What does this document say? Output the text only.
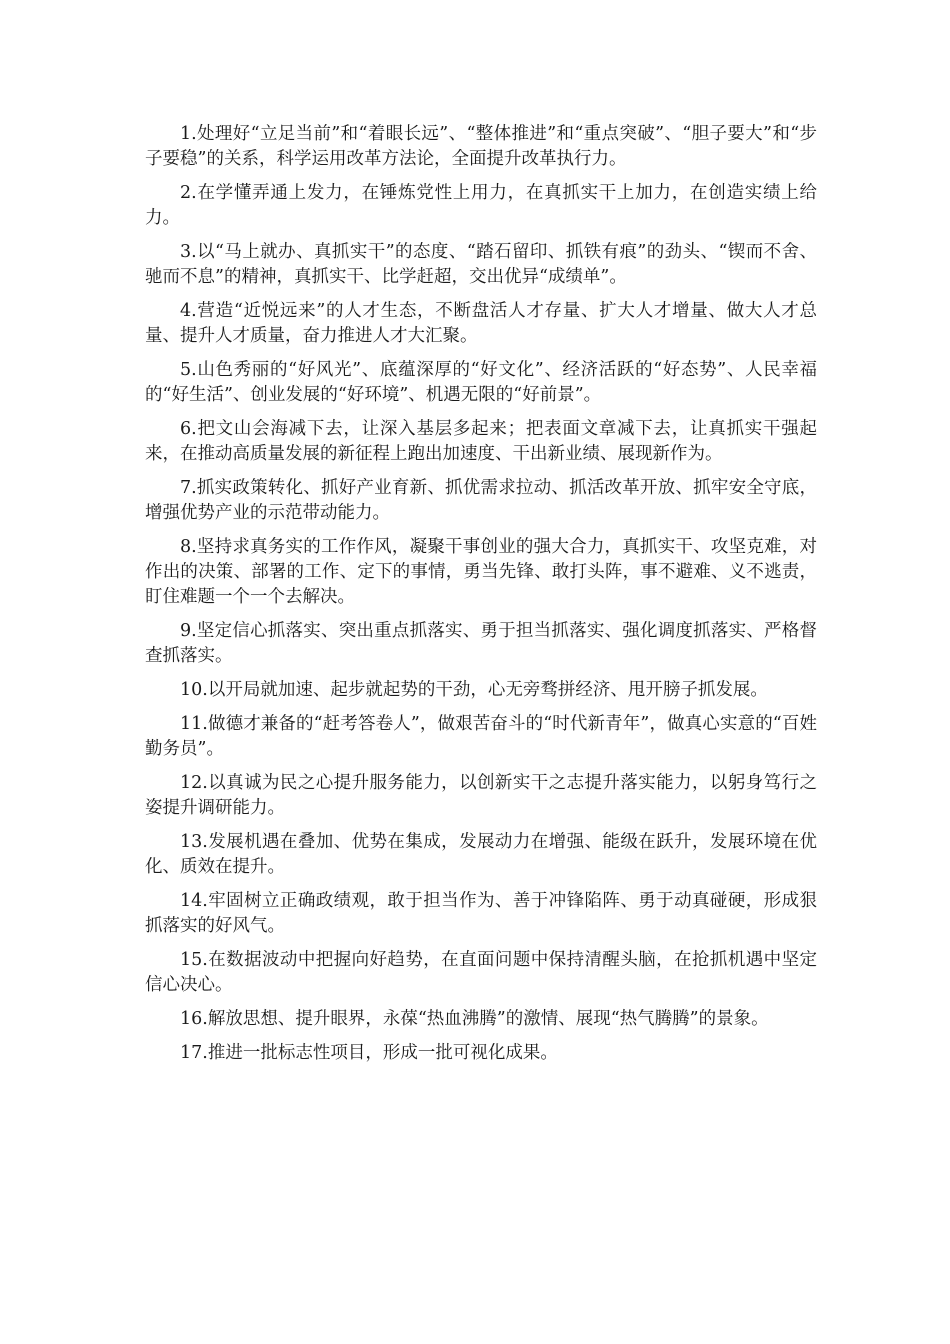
1.处理好“立足当前”和“着眼长远”、“整体推进”和“重点突破”、“胆子要大”和“步子要稳”的关系，科学运用改革方法论，全面提升改革执行力。

2.在学懂弄通上发力，在锤炼党性上用力，在真抓实干上加力，在创造实绩上给力。

3.以“马上就办、真抓实干”的态度、“踏石留印、抓铁有痕”的劲头、“锲而不舍、驰而不息”的精神，真抓实干、比学赶超，交出优异“成绩单”。

4.营造“近悦远来”的人才生态，不断盘活人才存量、扩大人才增量、做大人才总量、提升人才质量，奋力推进人才大汇聚。

5.山色秀丽的“好风光”、底蕴深厚的“好文化”、经济活跃的“好态势”、人民幸福的“好生活”、创业发展的“好环境”、机遇无限的“好前景”。

6.把文山会海减下去，让深入基层多起来；把表面文章减下去，让真抓实干强起来，在推动高质量发展的新征程上跑出加速度、干出新业绩、展现新作为。

7.抓实政策转化、抓好产业育新、抓优需求拉动、抓活改革开放、抓牢安全守底，增强优势产业的示范带动能力。

8.坚持求真务实的工作作风，凝聚干事创业的强大合力，真抓实干、攻坚克难，对作出的决策、部署的工作、定下的事情，勇当先锋、敢打头阵，事不避难、义不逃责，盯住难题一个一个去解决。

9.坚定信心抓落实、突出重点抓落实、勇于担当抓落实、强化调度抓落实、严格督查抓落实。

10.以开局就加速、起步就起势的干劲，心无旁骛拼经济、甩开膀子抓发展。

11.做德才兼备的“赶考答卷人”，做艰苦奋斗的“时代新青年”，做真心实意的“百姓勤务员”。

12.以真诚为民之心提升服务能力，以创新实干之志提升落实能力，以躬身笃行之姿提升调研能力。

13.发展机遇在叠加、优势在集成，发展动力在增强、能级在跃升，发展环境在优化、质效在提升。

14.牢固树立正确政绩观，敢于担当作为、善于冲锋陷阵、勇于动真碰硬，形成狠抓落实的好风气。

15.在数据波动中把握向好趋势，在直面问题中保持清醒头脑，在抢抓机遇中坚定信心决心。

16.解放思想、提升眼界，永葆“热血沸腾”的激情、展现“热气腾腾”的景象。

17.推进一批标志性项目，形成一批可视化成果。
